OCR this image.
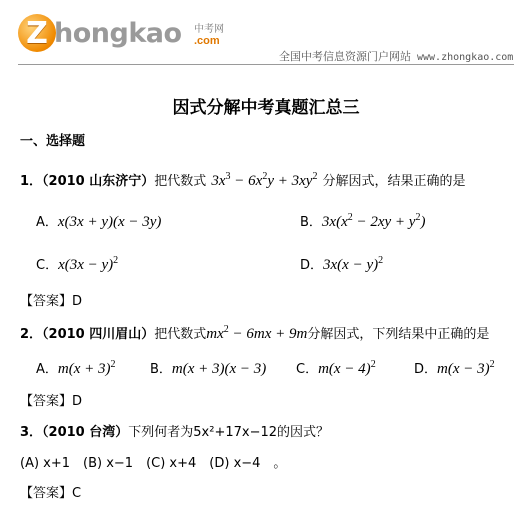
Z hongkao 中考网
.com
全国中考信息资源门户网站 www.zhongkao.com
因式分解中考真题汇总三
一、选择题
1．（2010 山东济宁）把代数式 $3x^3 - 6x^2y + 3xy^2$ 分解因式，结果正确的是
A．x(3x + y)(x − 3y)	B．$3x(x^2 - 2xy + y^2)$
C．$x(3x - y)^2$	D．$3x(x - y)^2$
【答案】D
2．（2010 四川眉山）把代数式$mx^2 - 6mx + 9m$分解因式，下列结果中正确的是
A．$m(x + 3)^2$	B．m(x + 3)(x − 3) C．$m(x - 4)^2$	D．$m(x - 3)^2$
【答案】D
3．（2010 台湾）下列何者为5x²+17x−12的因式？
(A) x+1　(B) x−1　(C) x+4　(D) x−4　。
【答案】C
